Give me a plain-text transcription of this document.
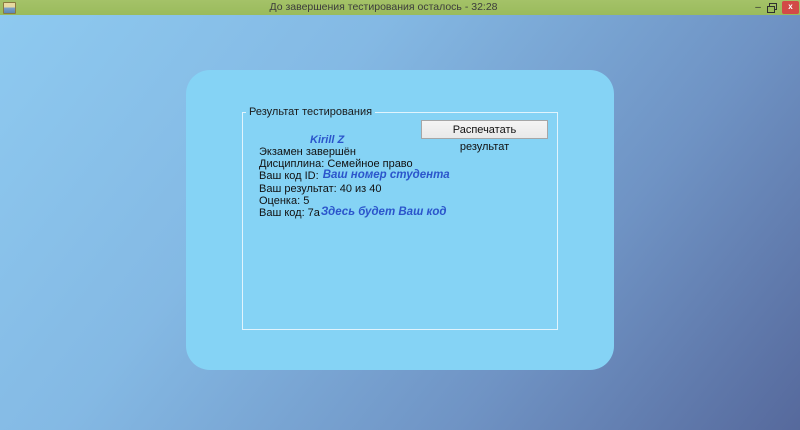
До завершения тестирования осталось - 32:28	–	x
Результат тестирования
Распечатать результат
Kirill Z
Экзамен завершён
Дисциплина: Семейное право
Ваш код ID: Ваш номер студента
Ваш результат: 40 из 40
Оценка: 5
Ваш код: 7аЗдесь будет Ваш код
